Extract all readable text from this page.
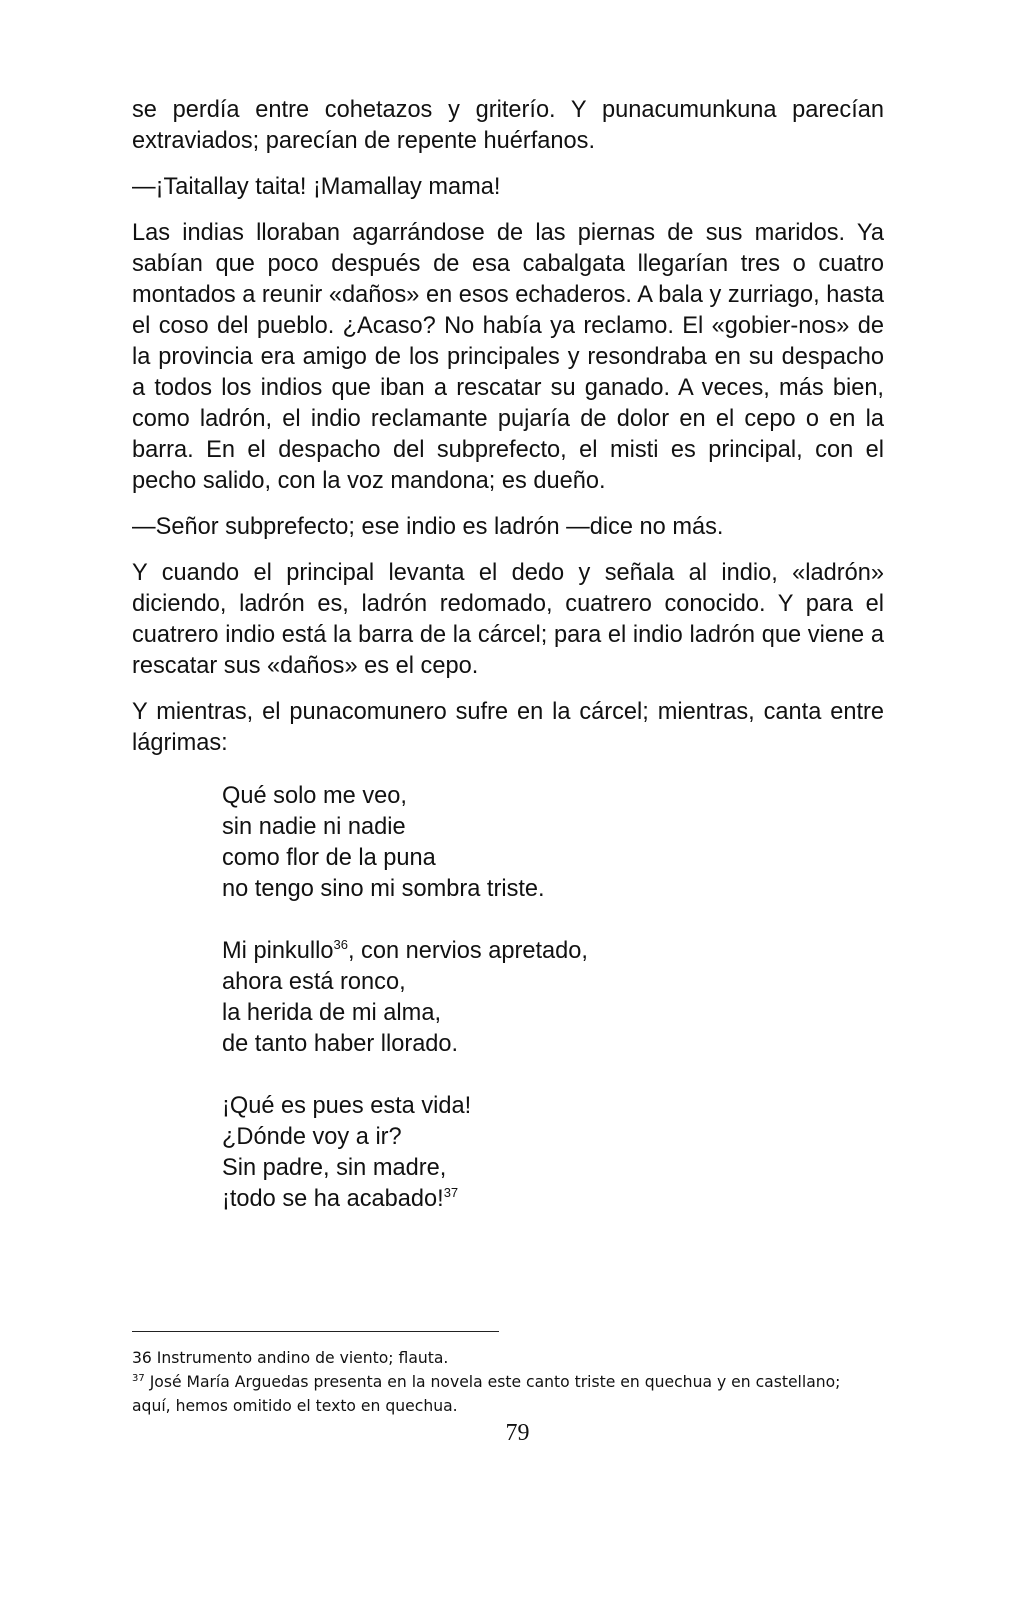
se perdía entre cohetazos y griterío. Y punacumunkuna parecían extraviados; parecían de repente huérfanos.

—¡Taitallay taita! ¡Mamallay mama!

Las indias lloraban agarrándose de las piernas de sus maridos. Ya sabían que poco después de esa cabalgata llegarían tres o cuatro montados a reunir «daños» en esos echaderos. A bala y zurriago, hasta el coso del pueblo. ¿Acaso? No había ya reclamo. El «gobier-nos» de la provincia era amigo de los principales y resondraba en su despacho a todos los indios que iban a rescatar su ganado. A veces, más bien, como ladrón, el indio reclamante pujaría de dolor en el cepo o en la barra. En el despacho del subprefecto, el misti es principal, con el pecho salido, con la voz mandona; es dueño.

—Señor subprefecto; ese indio es ladrón —dice no más.

Y cuando el principal levanta el dedo y señala al indio, «ladrón» diciendo, ladrón es, ladrón redomado, cuatrero conocido. Y para el cuatrero indio está la barra de la cárcel; para el indio ladrón que viene a rescatar sus «daños» es el cepo.

Y mientras, el punacomunero sufre en la cárcel; mientras, canta entre lágrimas:

Qué solo me veo,
sin nadie ni nadie
como flor de la puna
no tengo sino mi sombra triste.
Mi pinkullo$^{36}$, con nervios apretado,
ahora está ronco,
la herida de mi alma,
de tanto haber llorado.
¡Qué es pues esta vida!
¿Dónde voy a ir?
Sin padre, sin madre,
¡todo se ha acabado!$^{37}$
36 Instrumento andino de viento; flauta.
$^{37}$ José María Arguedas presenta en la novela este canto triste en quechua y en castellano;
aquí, hemos omitido el texto en quechua.
79
